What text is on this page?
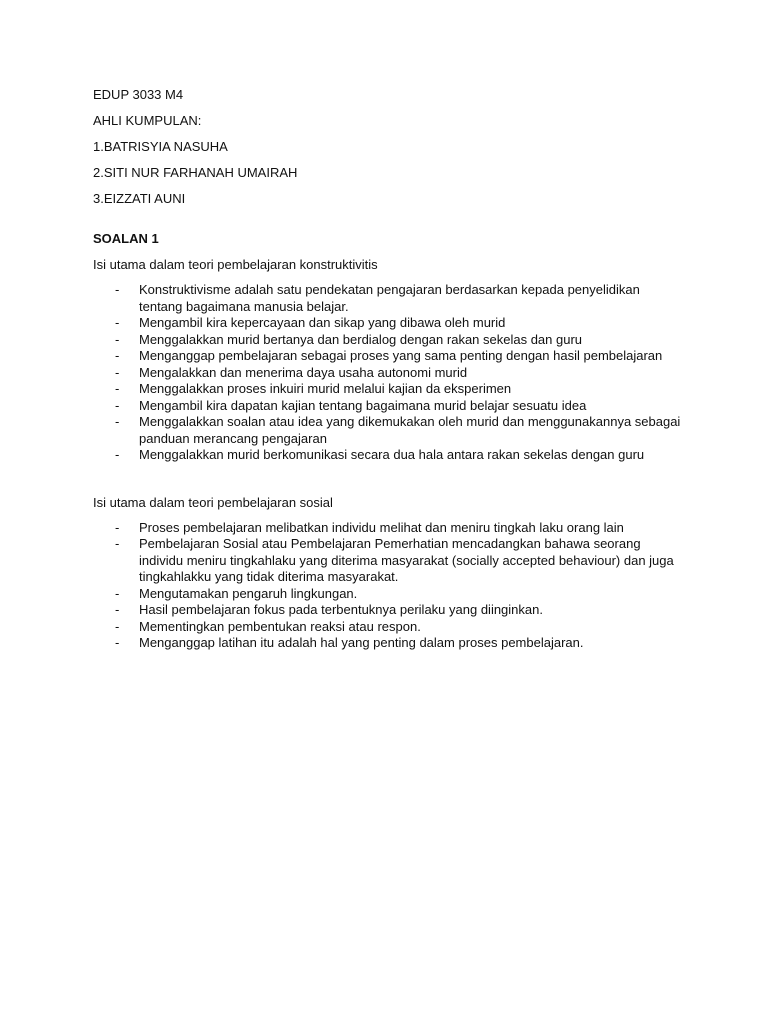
EDUP 3033 M4

AHLI KUMPULAN:

1.BATRISYIA NASUHA

2.SITI NUR FARHANAH UMAIRAH

3.EIZZATI AUNI

SOALAN 1

Isi utama dalam teori pembelajaran konstruktivitis

- Konstruktivisme adalah satu pendekatan pengajaran berdasarkan kepada penyelidikan tentang bagaimana manusia belajar.
- Mengambil kira kepercayaan dan sikap yang dibawa oleh murid
- Menggalakkan murid bertanya dan berdialog dengan rakan sekelas dan guru
- Menganggap pembelajaran sebagai proses yang sama penting dengan hasil pembelajaran
- Mengalakkan dan menerima daya usaha autonomi murid
- Menggalakkan proses inkuiri murid melalui kajian da eksperimen
- Mengambil kira dapatan kajian tentang bagaimana murid belajar sesuatu idea
- Menggalakkan soalan atau idea yang dikemukakan oleh murid dan menggunakannya sebagai panduan merancang pengajaran
- Menggalakkan murid berkomunikasi secara dua hala antara rakan sekelas dengan guru

Isi utama dalam teori pembelajaran sosial

- Proses pembelajaran melibatkan individu melihat dan meniru tingkah laku orang lain
- Pembelajaran Sosial atau Pembelajaran Pemerhatian mencadangkan bahawa seorang individu meniru tingkahlaku yang diterima masyarakat (socially accepted behaviour) dan juga tingkahlakku yang tidak diterima masyarakat.
- Mengutamakan pengaruh lingkungan.
- Hasil pembelajaran fokus pada terbentuknya perilaku yang diinginkan.
- Mementingkan pembentukan reaksi atau respon.
- Menganggap latihan itu adalah hal yang penting dalam proses pembelajaran.
